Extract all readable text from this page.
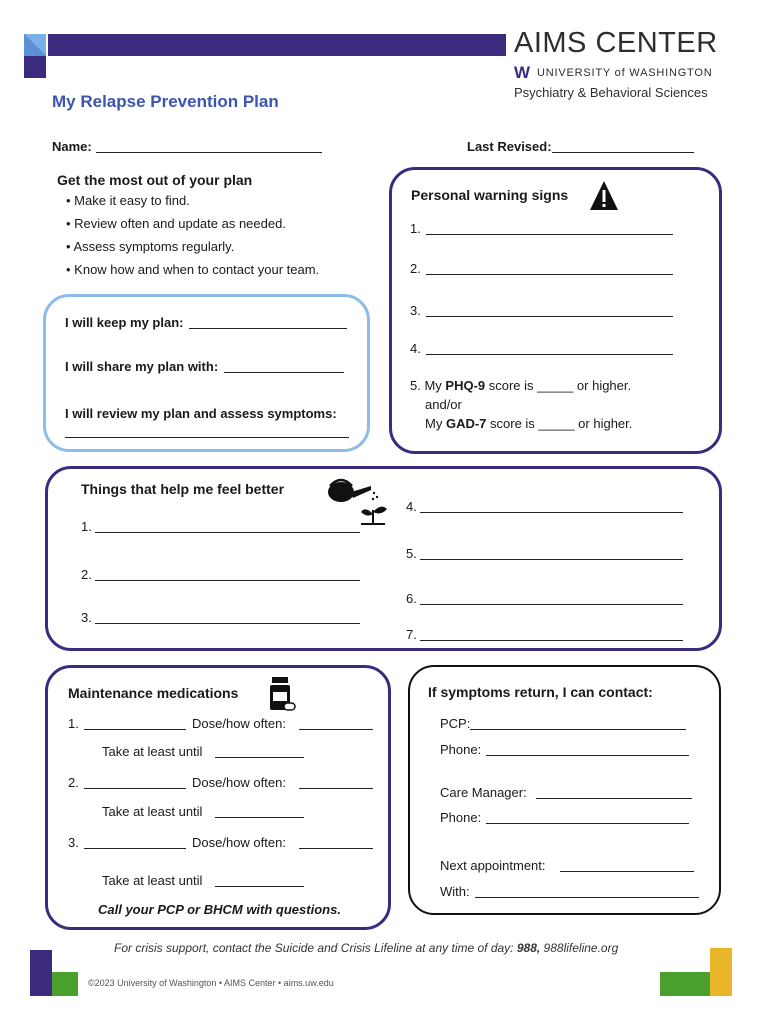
AIMS CENTER
W UNIVERSITY of WASHINGTON
Psychiatry & Behavioral Sciences
My Relapse Prevention Plan
Name:	Last Revised:
Get the most out of your plan
• Make it easy to find.
• Review often and update as needed.
• Assess symptoms regularly.
• Know how and when to contact your team.
I will keep my plan:
I will share my plan with:
I will review my plan and assess symptoms:
Personal warning signs
1.
2.
3.
4.
5. My PHQ-9 score is _____ or higher.
and/or
My GAD-7 score is _____ or higher.
Things that help me feel better
1.
2.
3.
4.
5.
6.
7.
Maintenance medications
1.	Dose/how often:
Take at least until
2.	Dose/how often:
Take at least until
3.	Dose/how often:
Take at least until
Call your PCP or BHCM with questions.
If symptoms return, I can contact:
PCP:
Phone:
Care Manager:
Phone:
Next appointment:
With:
For crisis support, contact the Suicide and Crisis Lifeline at any time of day: 988, 988lifeline.org
©2023 University of Washington • AIMS Center • aims.uw.edu
